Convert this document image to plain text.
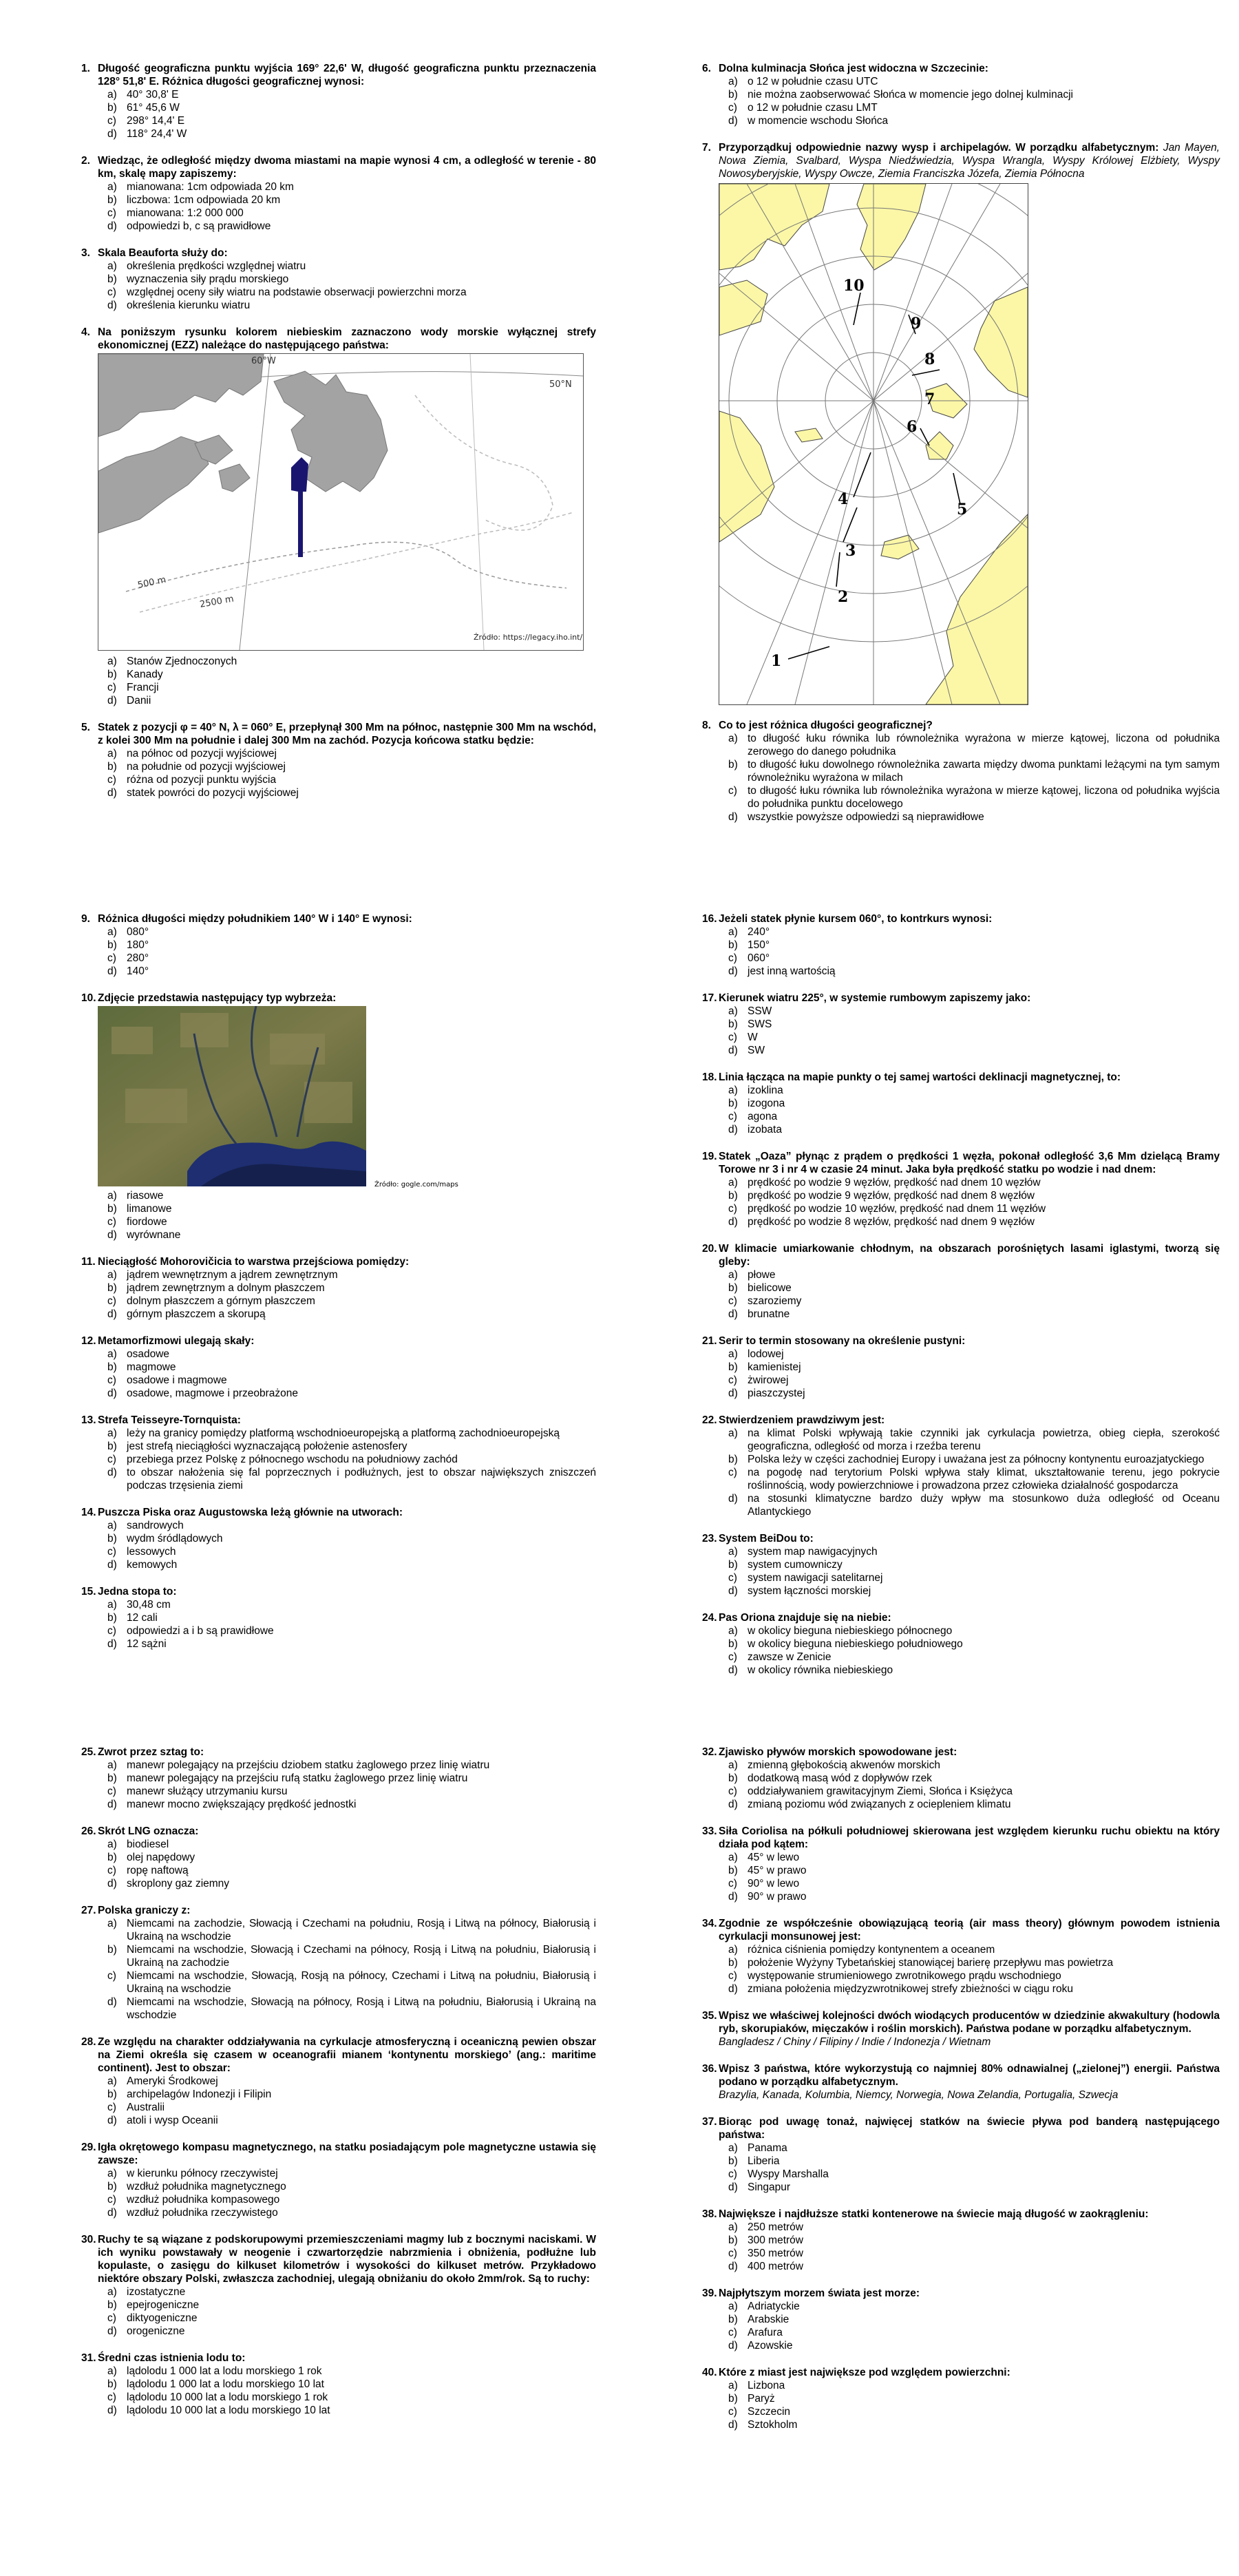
1. Długość geograficzna punktu wyjścia 169° 22,6' W, długość geograficzna punktu przeznaczenia 128° 51,8' E. Różnica długości geograficznej wynosi:
a) 40° 30,8' E
b) 61° 45,6 W
c) 298° 14,4' E
d) 118° 24,4' W
2. Wiedząc, że odległość między dwoma miastami na mapie wynosi 4 cm, a odległość w terenie - 80 km, skalę mapy zapiszemy:
a) mianowana: 1cm odpowiada 20 km
b) liczbowa: 1cm odpowiada 20 km
c) mianowana: 1:2 000 000
d) odpowiedzi b, c są prawidłowe
3. Skala Beauforta służy do:
a) określenia prędkości względnej wiatru
b) wyznaczenia siły prądu morskiego
c) względnej oceny siły wiatru na podstawie obserwacji powierzchni morza
d) określenia kierunku wiatru
4. Na poniższym rysunku kolorem niebieskim zaznaczono wody morskie wyłącznej strefy ekonomicznej (EZZ) należące do następującego państwa:
60°W
50°N
500 m
2500 m
Źródło: https://legacy.iho.int/
a) Stanów Zjednoczonych
b) Kanady
c) Francji
d) Danii
5. Statek z pozycji φ = 40° N, λ = 060° E, przepłynął 300 Mm na północ, następnie 300 Mm na wschód, z kolei 300 Mm na południe i dalej 300 Mm na zachód. Pozycja końcowa statku będzie:
a) na północ od pozycji wyjściowej
b) na południe od pozycji wyjściowej
c) różna od pozycji punktu wyjścia
d) statek powróci do pozycji wyjściowej
6. Dolna kulminacja Słońca jest widoczna w Szczecinie:
a) o 12 w południe czasu UTC
b) nie można zaobserwować Słońca w momencie jego dolnej kulminacji
c) o 12 w południe czasu LMT
d) w momencie wschodu Słońca
7. Przyporządkuj odpowiednie nazwy wysp i archipelagów. W porządku alfabetycznym: Jan Mayen, Nowa Ziemia, Svalbard, Wyspa Niedźwiedzia, Wyspa Wrangla, Wyspy Królowej Elżbiety, Wyspy Nowosyberyjskie, Wyspy Owcze, Ziemia Franciszka Józefa, Ziemia Północna
1
2
3
4
5
6
7
8
9
10
8. Co to jest różnica długości geograficznej?
a) to długość łuku równika lub równoleżnika wyrażona w mierze kątowej, liczona od południka zerowego do danego południka
b) to długość łuku dowolnego równoleżnika zawarta między dwoma punktami leżącymi na tym samym równoleżniku wyrażona w milach
c) to długość łuku równika lub równoleżnika wyrażona w mierze kątowej, liczona od południka wyjścia do południka punktu docelowego
d) wszystkie powyższe odpowiedzi są nieprawidłowe
9. Różnica długości między południkiem 140° W i 140° E wynosi:
a) 080°
b) 180°
c) 280°
d) 140°
10. Zdjęcie przedstawia następujący typ wybrzeża:
Źródło: gogle.com/maps
a) riasowe
b) limanowe
c) fiordowe
d) wyrównane
11. Nieciągłość Mohorovičicia to warstwa przejściowa pomiędzy:
a) jądrem wewnętrznym a jądrem zewnętrznym
b) jądrem zewnętrznym a dolnym płaszczem
c) dolnym płaszczem a górnym płaszczem
d) górnym płaszczem a skorupą
12. Metamorfizmowi ulegają skały:
a) osadowe
b) magmowe
c) osadowe i magmowe
d) osadowe, magmowe i przeobrażone
13. Strefa Teisseyre-Tornquista:
a) leży na granicy pomiędzy platformą wschodnioeuropejską a platformą zachodnioeuropejską
b) jest strefą nieciągłości wyznaczającą położenie astenosfery
c) przebiega przez Polskę z północnego wschodu na południowy zachód
d) to obszar nałożenia się fal poprzecznych i podłużnych, jest to obszar największych zniszczeń podczas trzęsienia ziemi
14. Puszcza Piska oraz Augustowska leżą głównie na utworach:
a) sandrowych
b) wydm śródlądowych
c) lessowych
d) kemowych
15. Jedna stopa to:
a) 30,48 cm
b) 12 cali
c) odpowiedzi a i b są prawidłowe
d) 12 sążni
16. Jeżeli statek płynie kursem 060°, to kontrkurs wynosi:
a) 240°
b) 150°
c) 060°
d) jest inną wartością
17. Kierunek wiatru 225°, w systemie rumbowym zapiszemy jako:
a) SSW
b) SWS
c) W
d) SW
18. Linia łącząca na mapie punkty o tej samej wartości deklinacji magnetycznej, to:
a) izoklina
b) izogona
c) agona
d) izobata
19. Statek „Oaza” płynąc z prądem o prędkości 1 węzła, pokonał odległość 3,6 Mm dzielącą Bramy Torowe nr 3 i nr 4 w czasie 24 minut. Jaka była prędkość statku po wodzie i nad dnem:
a) prędkość po wodzie 9 węzłów, prędkość nad dnem 10 węzłów
b) prędkość po wodzie 9 węzłów, prędkość nad dnem 8 węzłów
c) prędkość po wodzie 10 węzłów, prędkość nad dnem 11 węzłów
d) prędkość po wodzie 8 węzłów, prędkość nad dnem 9 węzłów
20. W klimacie umiarkowanie chłodnym, na obszarach porośniętych lasami iglastymi, tworzą się gleby:
a) płowe
b) bielicowe
c) szaroziemy
d) brunatne
21. Serir to termin stosowany na określenie pustyni:
a) lodowej
b) kamienistej
c) żwirowej
d) piaszczystej
22. Stwierdzeniem prawdziwym jest:
a) na klimat Polski wpływają takie czynniki jak cyrkulacja powietrza, obieg ciepła, szerokość geograficzna, odległość od morza i rzeźba terenu
b) Polska leży w części zachodniej Europy i uważana jest za północny kontynentu euroazjatyckiego
c) na pogodę nad terytorium Polski wpływa stały klimat, ukształtowanie terenu, jego pokrycie roślinnością, wody powierzchniowe i prowadzona przez człowieka działalność gospodarcza
d) na stosunki klimatyczne bardzo duży wpływ ma stosunkowo duża odległość od Oceanu Atlantyckiego
23. System BeiDou to:
a) system map nawigacyjnych
b) system cumowniczy
c) system nawigacji satelitarnej
d) system łączności morskiej
24. Pas Oriona znajduje się na niebie:
a) w okolicy bieguna niebieskiego północnego
b) w okolicy bieguna niebieskiego południowego
c) zawsze w Zenicie
d) w okolicy równika niebieskiego
25. Zwrot przez sztag to:
a) manewr polegający na przejściu dziobem statku żaglowego przez linię wiatru
b) manewr polegający na przejściu rufą statku żaglowego przez linię wiatru
c) manewr służący utrzymaniu kursu
d) manewr mocno zwiększający prędkość jednostki
26. Skrót LNG oznacza:
a) biodiesel
b) olej napędowy
c) ropę naftową
d) skroplony gaz ziemny
27. Polska graniczy z:
a) Niemcami na zachodzie, Słowacją i Czechami na południu, Rosją i Litwą na północy, Białorusią i Ukrainą na wschodzie
b) Niemcami na wschodzie, Słowacją i Czechami na północy, Rosją i Litwą na południu, Białorusią i Ukrainą na zachodzie
c) Niemcami na wschodzie, Słowacją, Rosją na północy, Czechami i Litwą na południu, Białorusią i Ukrainą na wschodzie
d) Niemcami na wschodzie, Słowacją na północy, Rosją i Litwą na południu, Białorusią i Ukrainą na wschodzie
28. Ze względu na charakter oddziaływania na cyrkulacje atmosferyczną i oceaniczną pewien obszar na Ziemi określa się czasem w oceanografii mianem ‘kontynentu morskiego’ (ang.: maritime continent). Jest to obszar:
a) Ameryki Środkowej
b) archipelagów Indonezji i Filipin
c) Australii
d) atoli i wysp Oceanii
29. Igła okrętowego kompasu magnetycznego, na statku posiadającym pole magnetyczne ustawia się zawsze:
a) w kierunku północy rzeczywistej
b) wzdłuż południka magnetycznego
c) wzdłuż południka kompasowego
d) wzdłuż południka rzeczywistego
30. Ruchy te są wiązane z podskorupowymi przemieszczeniami magmy lub z bocznymi naciskami. W ich wyniku powstawały w neogenie i czwartorzędzie nabrzmienia i obniżenia, podłużne lub kopulaste, o zasięgu do kilkuset kilometrów i wysokości do kilkuset metrów. Przykładowo niektóre obszary Polski, zwłaszcza zachodniej, ulegają obniżaniu do około 2mm/rok. Są to ruchy:
a) izostatyczne
b) epejrogeniczne
c) diktyogeniczne
d) orogeniczne
31. Średni czas istnienia lodu to:
a) lądolodu 1 000 lat a lodu morskiego 1 rok
b) lądolodu 1 000 lat a lodu morskiego 10 lat
c) lądolodu 10 000 lat a lodu morskiego 1 rok
d) lądolodu 10 000 lat a lodu morskiego 10 lat
32. Zjawisko pływów morskich spowodowane jest:
a) zmienną głębokością akwenów morskich
b) dodatkową masą wód z dopływów rzek
c) oddziaływaniem grawitacyjnym Ziemi, Słońca i Księżyca
d) zmianą poziomu wód związanych z ociepleniem klimatu
33. Siła Coriolisa na półkuli południowej skierowana jest względem kierunku ruchu obiektu na który działa pod kątem:
a) 45° w lewo
b) 45° w prawo
c) 90° w lewo
d) 90° w prawo
34. Zgodnie ze współcześnie obowiązującą teorią (air mass theory) głównym powodem istnienia cyrkulacji monsunowej jest:
a) różnica ciśnienia pomiędzy kontynentem a oceanem
b) położenie Wyżyny Tybetańskiej stanowiącej barierę przepływu mas powietrza
c) występowanie strumieniowego zwrotnikowego prądu wschodniego
d) zmiana położenia międzyzwrotnikowej strefy zbieżności w ciągu roku
35. Wpisz we właściwej kolejności dwóch wiodących producentów w dziedzinie akwakultury (hodowla ryb, skorupiaków, mięczaków i roślin morskich). Państwa podane w porządku alfabetycznym.
Bangladesz / Chiny / Filipiny / Indie / Indonezja / Wietnam
36. Wpisz 3 państwa, które wykorzystują co najmniej 80% odnawialnej („zielonej”) energii. Państwa podano w porządku alfabetycznym.
Brazylia, Kanada, Kolumbia, Niemcy, Norwegia, Nowa Zelandia, Portugalia, Szwecja
37. Biorąc pod uwagę tonaż, najwięcej statków na świecie pływa pod banderą następującego państwa:
a) Panama
b) Liberia
c) Wyspy Marshalla
d) Singapur
38. Największe i najdłuższe statki kontenerowe na świecie mają długość w zaokrągleniu:
a) 250 metrów
b) 300 metrów
c) 350 metrów
d) 400 metrów
39. Najpłytszym morzem świata jest morze:
a) Adriatyckie
b) Arabskie
c) Arafura
d) Azowskie
40. Które z miast jest największe pod względem powierzchni:
a) Lizbona
b) Paryż
c) Szczecin
d) Sztokholm
